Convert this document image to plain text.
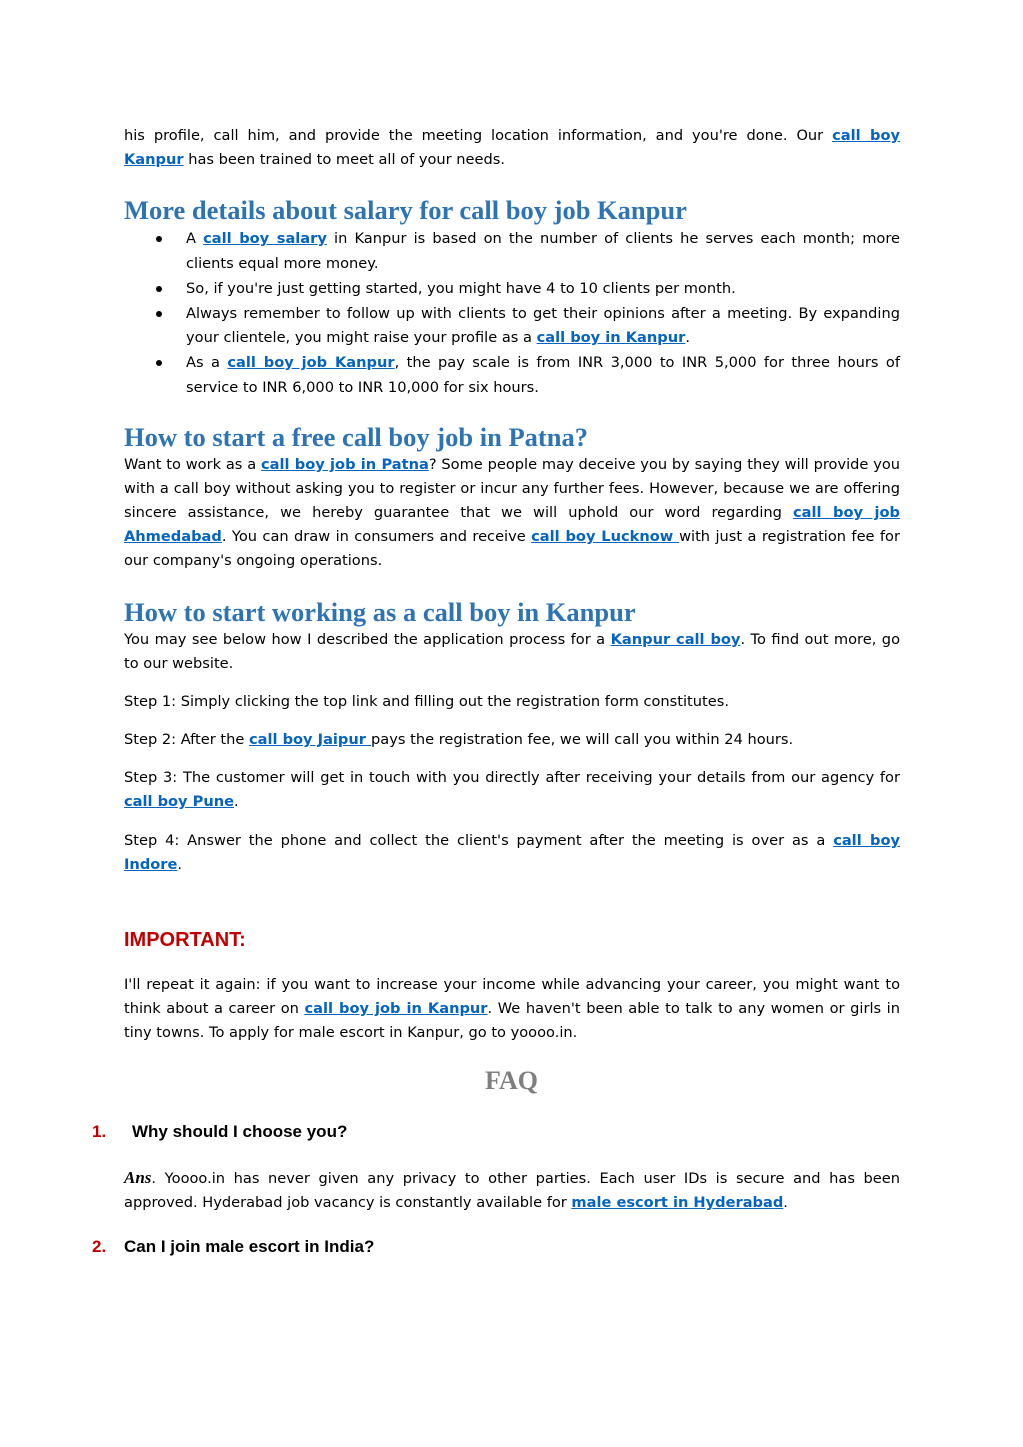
his profile, call him, and provide the meeting location information, and you're done. Our call boy Kanpur has been trained to meet all of your needs.

More details about salary for call boy job Kanpur
A call boy salary in Kanpur is based on the number of clients he serves each month; more clients equal more money.
So, if you're just getting started, you might have 4 to 10 clients per month.
Always remember to follow up with clients to get their opinions after a meeting. By expanding your clientele, you might raise your profile as a call boy in Kanpur.
As a call boy job Kanpur, the pay scale is from INR 3,000 to INR 5,000 for three hours of service to INR 6,000 to INR 10,000 for six hours.
How to start a free call boy job in Patna?

Want to work as a call boy job in Patna? Some people may deceive you by saying they will provide you with a call boy without asking you to register or incur any further fees. However, because we are offering sincere assistance, we hereby guarantee that we will uphold our word regarding call boy job Ahmedabad. You can draw in consumers and receive call boy Lucknow with just a registration fee for our company's ongoing operations.

How to start working as a call boy in Kanpur

You may see below how I described the application process for a Kanpur call boy. To find out more, go to our website.

Step 1: Simply clicking the top link and filling out the registration form constitutes.

Step 2: After the call boy Jaipur pays the registration fee, we will call you within 24 hours.

Step 3: The customer will get in touch with you directly after receiving your details from our agency for call boy Pune.

Step 4: Answer the phone and collect the client's payment after the meeting is over as a call boy Indore.

IMPORTANT:

I'll repeat it again: if you want to increase your income while advancing your career, you might want to think about a career on call boy job in Kanpur. We haven't been able to talk to any women or girls in tiny towns. To apply for male escort in Kanpur, go to yoooo.in.

FAQ
1. Why should I choose you?

Ans. Yoooo.in has never given any privacy to other parties. Each user IDs is secure and has been approved. Hyderabad job vacancy is constantly available for male escort in Hyderabad.

2. Can I join male escort in India?
